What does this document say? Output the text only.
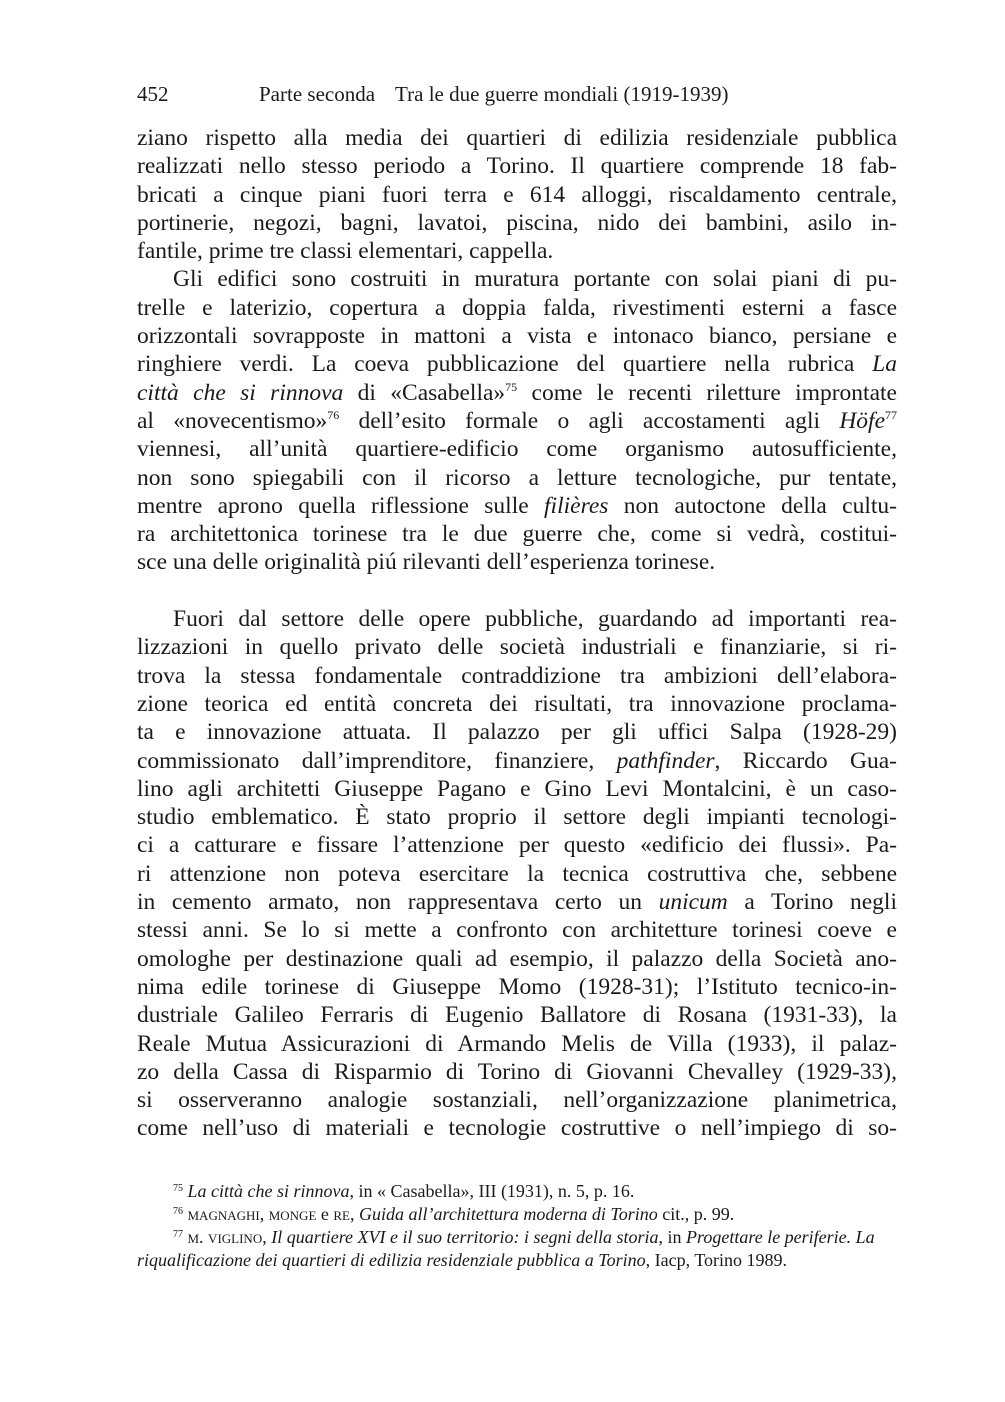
452	Parte seconda Tra le due guerre mondiali (1919-1939)
ziano rispetto alla media dei quartieri di edilizia residenziale pubblica
realizzati nello stesso periodo a Torino. Il quartiere comprende 18 fab-
bricati a cinque piani fuori terra e 614 alloggi, riscaldamento centrale,
portinerie, negozi, bagni, lavatoi, piscina, nido dei bambini, asilo in-
fantile, prime tre classi elementari, cappella.
Gli edifici sono costruiti in muratura portante con solai piani di pu-
trelle e laterizio, copertura a doppia falda, rivestimenti esterni a fasce
orizzontali sovrapposte in mattoni a vista e intonaco bianco, persiane e
ringhiere verdi. La coeva pubblicazione del quartiere nella rubrica La
città che si rinnova di «Casabella»$^{75}$ come le recenti riletture improntate
al «novecentismo»$^{76}$ dell’esito formale o agli accostamenti agli Höfe$^{77}$
viennesi, all’unità quartiere-edificio come organismo autosufficiente,
non sono spiegabili con il ricorso a letture tecnologiche, pur tentate,
mentre aprono quella riflessione sulle filières non autoctone della cultu-
ra architettonica torinese tra le due guerre che, come si vedrà, costitui-
sce una delle originalità piú rilevanti dell’esperienza torinese.
Fuori dal settore delle opere pubbliche, guardando ad importanti rea-
lizzazioni in quello privato delle società industriali e finanziarie, si ri-
trova la stessa fondamentale contraddizione tra ambizioni dell’elabora-
zione teorica ed entità concreta dei risultati, tra innovazione proclama-
ta e innovazione attuata. Il palazzo per gli uffici Salpa (1928-29)
commissionato dall’imprenditore, finanziere, pathfinder, Riccardo Gua-
lino agli architetti Giuseppe Pagano e Gino Levi Montalcini, è un caso-
studio emblematico. È stato proprio il settore degli impianti tecnologi-
ci a catturare e fissare l’attenzione per questo «edificio dei flussi». Pa-
ri attenzione non poteva esercitare la tecnica costruttiva che, sebbene
in cemento armato, non rappresentava certo un unicum a Torino negli
stessi anni. Se lo si mette a confronto con architetture torinesi coeve e
omologhe per destinazione quali ad esempio, il palazzo della Società ano-
nima edile torinese di Giuseppe Momo (1928-31); l’Istituto tecnico-in-
dustriale Galileo Ferraris di Eugenio Ballatore di Rosana (1931-33), la
Reale Mutua Assicurazioni di Armando Melis de Villa (1933), il palaz-
zo della Cassa di Risparmio di Torino di Giovanni Chevalley (1929-33),
si osserveranno analogie sostanziali, nell’organizzazione planimetrica,
come nell’uso di materiali e tecnologie costruttive o nell’impiego di so-
$^{75}$ La città che si rinnova, in « Casabella», III (1931), n. 5, p. 16.
$^{76}$ magnaghi, monge e re, Guida all’architettura moderna di Torino cit., p. 99.
$^{77}$ m. viglino, Il quartiere XVI e il suo territorio: i segni della storia, in Progettare le periferie. La
riqualificazione dei quartieri di edilizia residenziale pubblica a Torino, Iacp, Torino 1989.
